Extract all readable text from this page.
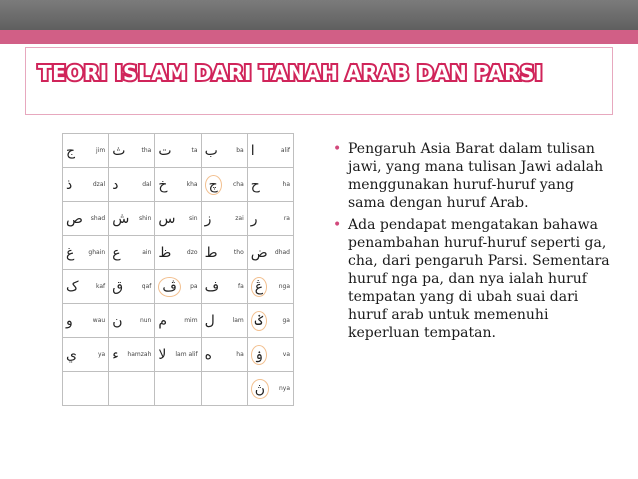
TEORI ISLAM DARI TANAH ARAB DAN PARSI
ج jim	ث tha	ت ta	ب ba	ا alif

ذ dzal	د dal	خ kha	چ cha	ح ha

ص shad	ش shin	س sin	ز zai	ر ra

غ ghain	ع ain	ظ dzo	ط tho	ض dhad

ک kaf	ق qaf	ڤ pa	ف fa	ڠ nga

و wau	ن nun	م mim	ل lam	ݢ ga

ي ya	ء hamzah	لا lam alif	ه ha	ۏ va

				ڽ nya
• Pengaruh Asia Barat dalam tulisan jawi, yang mana tulisan Jawi adalah menggunakan huruf-huruf yang sama dengan huruf Arab.
• Ada pendapat mengatakan bahawa penambahan huruf-huruf seperti ga, cha, dari pengaruh Parsi. Sementara huruf nga pa, dan nya ialah huruf tempatan yang di ubah suai dari huruf arab untuk memenuhi keperluan tempatan.
